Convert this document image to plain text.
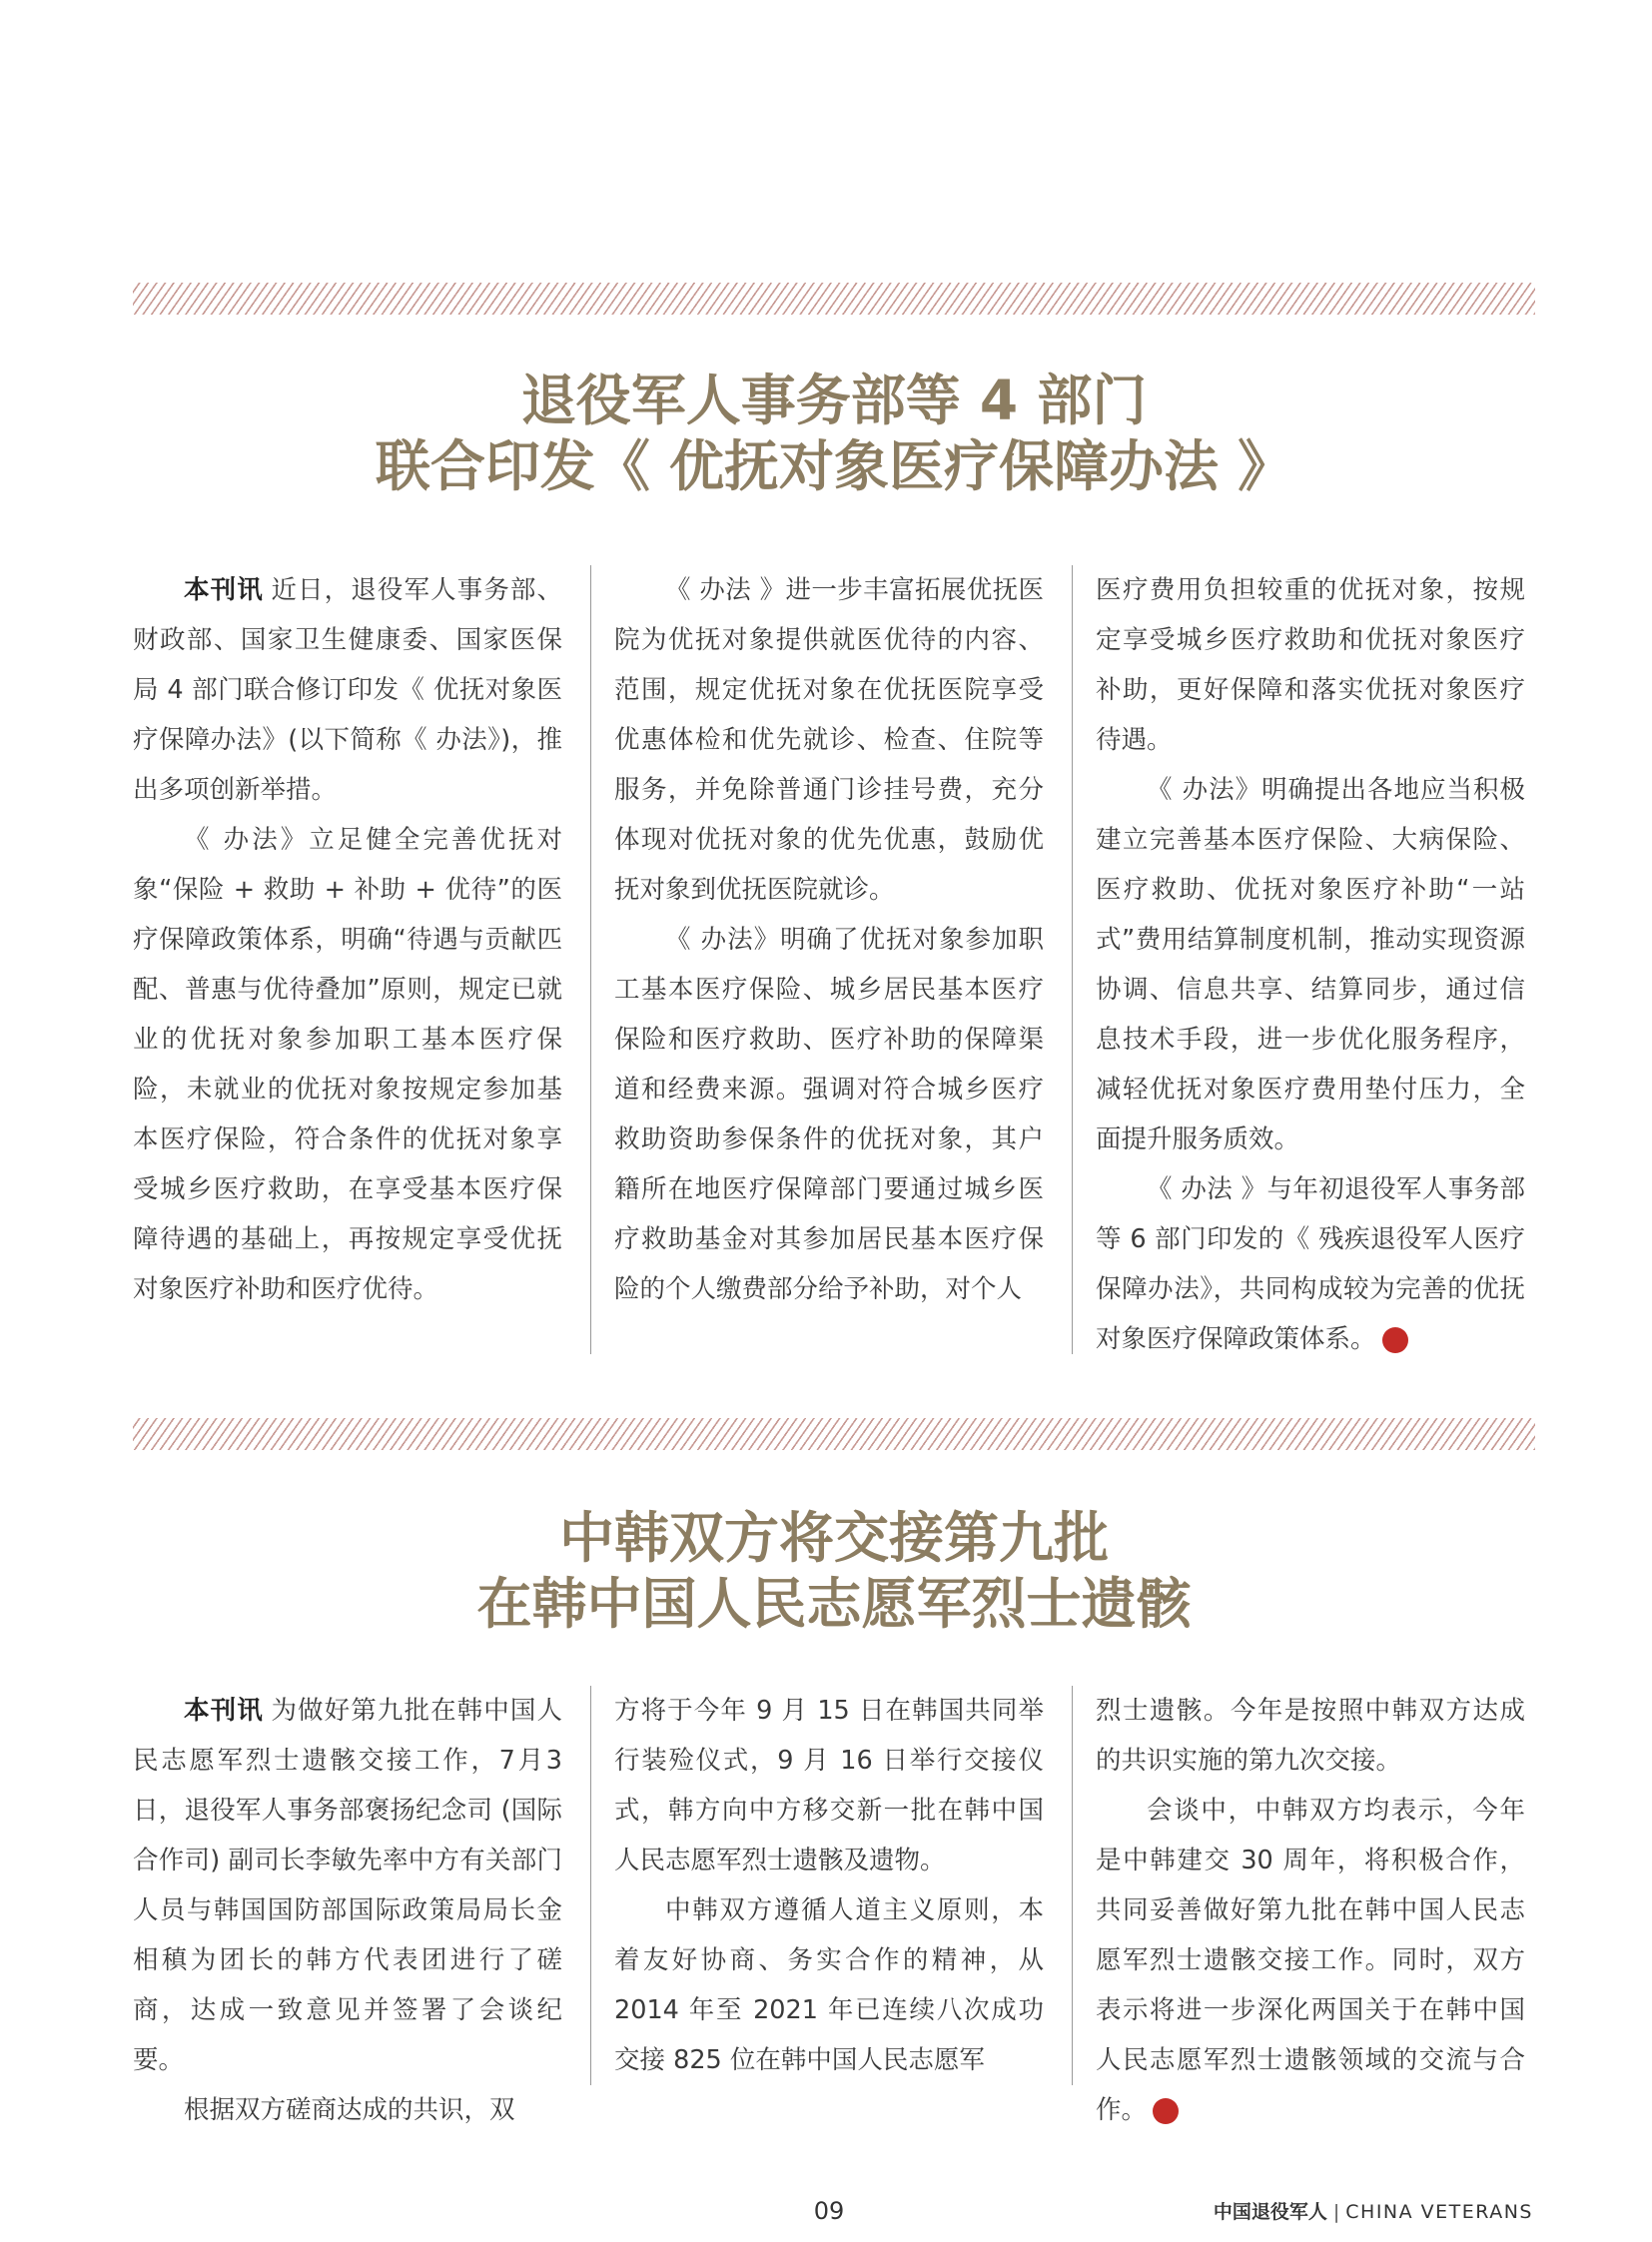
退役军人事务部等 4 部门
联合印发《 优抚对象医疗保障办法 》

本刊讯 近日，退役军人事务部、财政部、国家卫生健康委、国家医保局 4 部门联合修订印发《 优抚对象医疗保障办法》(以下简称《 办法》)，推出多项创新举措。

《 办法》立足健全完善优抚对象“保险 + 救助 + 补助 + 优待”的医疗保障政策体系，明确“待遇与贡献匹配、普惠与优待叠加”原则，规定已就业的优抚对象参加职工基本医疗保险，未就业的优抚对象按规定参加基本医疗保险，符合条件的优抚对象享受城乡医疗救助，在享受基本医疗保障待遇的基础上，再按规定享受优抚对象医疗补助和医疗优待。

《 办法 》进一步丰富拓展优抚医院为优抚对象提供就医优待的内容、范围，规定优抚对象在优抚医院享受优惠体检和优先就诊、检查、住院等服务，并免除普通门诊挂号费，充分体现对优抚对象的优先优惠，鼓励优抚对象到优抚医院就诊。

《 办法》明确了优抚对象参加职工基本医疗保险、城乡居民基本医疗保险和医疗救助、医疗补助的保障渠道和经费来源。强调对符合城乡医疗救助资助参保条件的优抚对象，其户籍所在地医疗保障部门要通过城乡医疗救助基金对其参加居民基本医疗保险的个人缴费部分给予补助，对个人

医疗费用负担较重的优抚对象，按规定享受城乡医疗救助和优抚对象医疗补助，更好保障和落实优抚对象医疗待遇。

《 办法》明确提出各地应当积极建立完善基本医疗保险、大病保险、医疗救助、优抚对象医疗补助“一站式”费用结算制度机制，推动实现资源协调、信息共享、结算同步，通过信息技术手段，进一步优化服务程序，减轻优抚对象医疗费用垫付压力，全面提升服务质效。

《 办法 》与年初退役军人事务部等 6 部门印发的《 残疾退役军人医疗保障办法》，共同构成较为完善的优抚对象医疗保障政策体系。	▼

中韩双方将交接第九批
在韩中国人民志愿军烈士遗骸

本刊讯 为做好第九批在韩中国人民志愿军烈士遗骸交接工作，7月3日，退役军人事务部褒扬纪念司 (国际合作司) 副司长李敏先率中方有关部门人员与韩国国防部国际政策局局长金相稹为团长的韩方代表团进行了磋商，达成一致意见并签署了会谈纪要。

根据双方磋商达成的共识，双

方将于今年 9 月 15 日在韩国共同举行装殓仪式，9 月 16 日举行交接仪式，韩方向中方移交新一批在韩中国人民志愿军烈士遗骸及遗物。

中韩双方遵循人道主义原则，本着友好协商、务实合作的精神，从 2014 年至 2021 年已连续八次成功交接 825 位在韩中国人民志愿军

烈士遗骸。今年是按照中韩双方达成的共识实施的第九次交接。

会谈中，中韩双方均表示，今年是中韩建交 30 周年，将积极合作，共同妥善做好第九批在韩中国人民志愿军烈士遗骸交接工作。同时，双方表示将进一步深化两国关于在韩中国人民志愿军烈士遗骸领域的交流与合作。	▼

09	中国退役军人 | CHINA VETERANS
